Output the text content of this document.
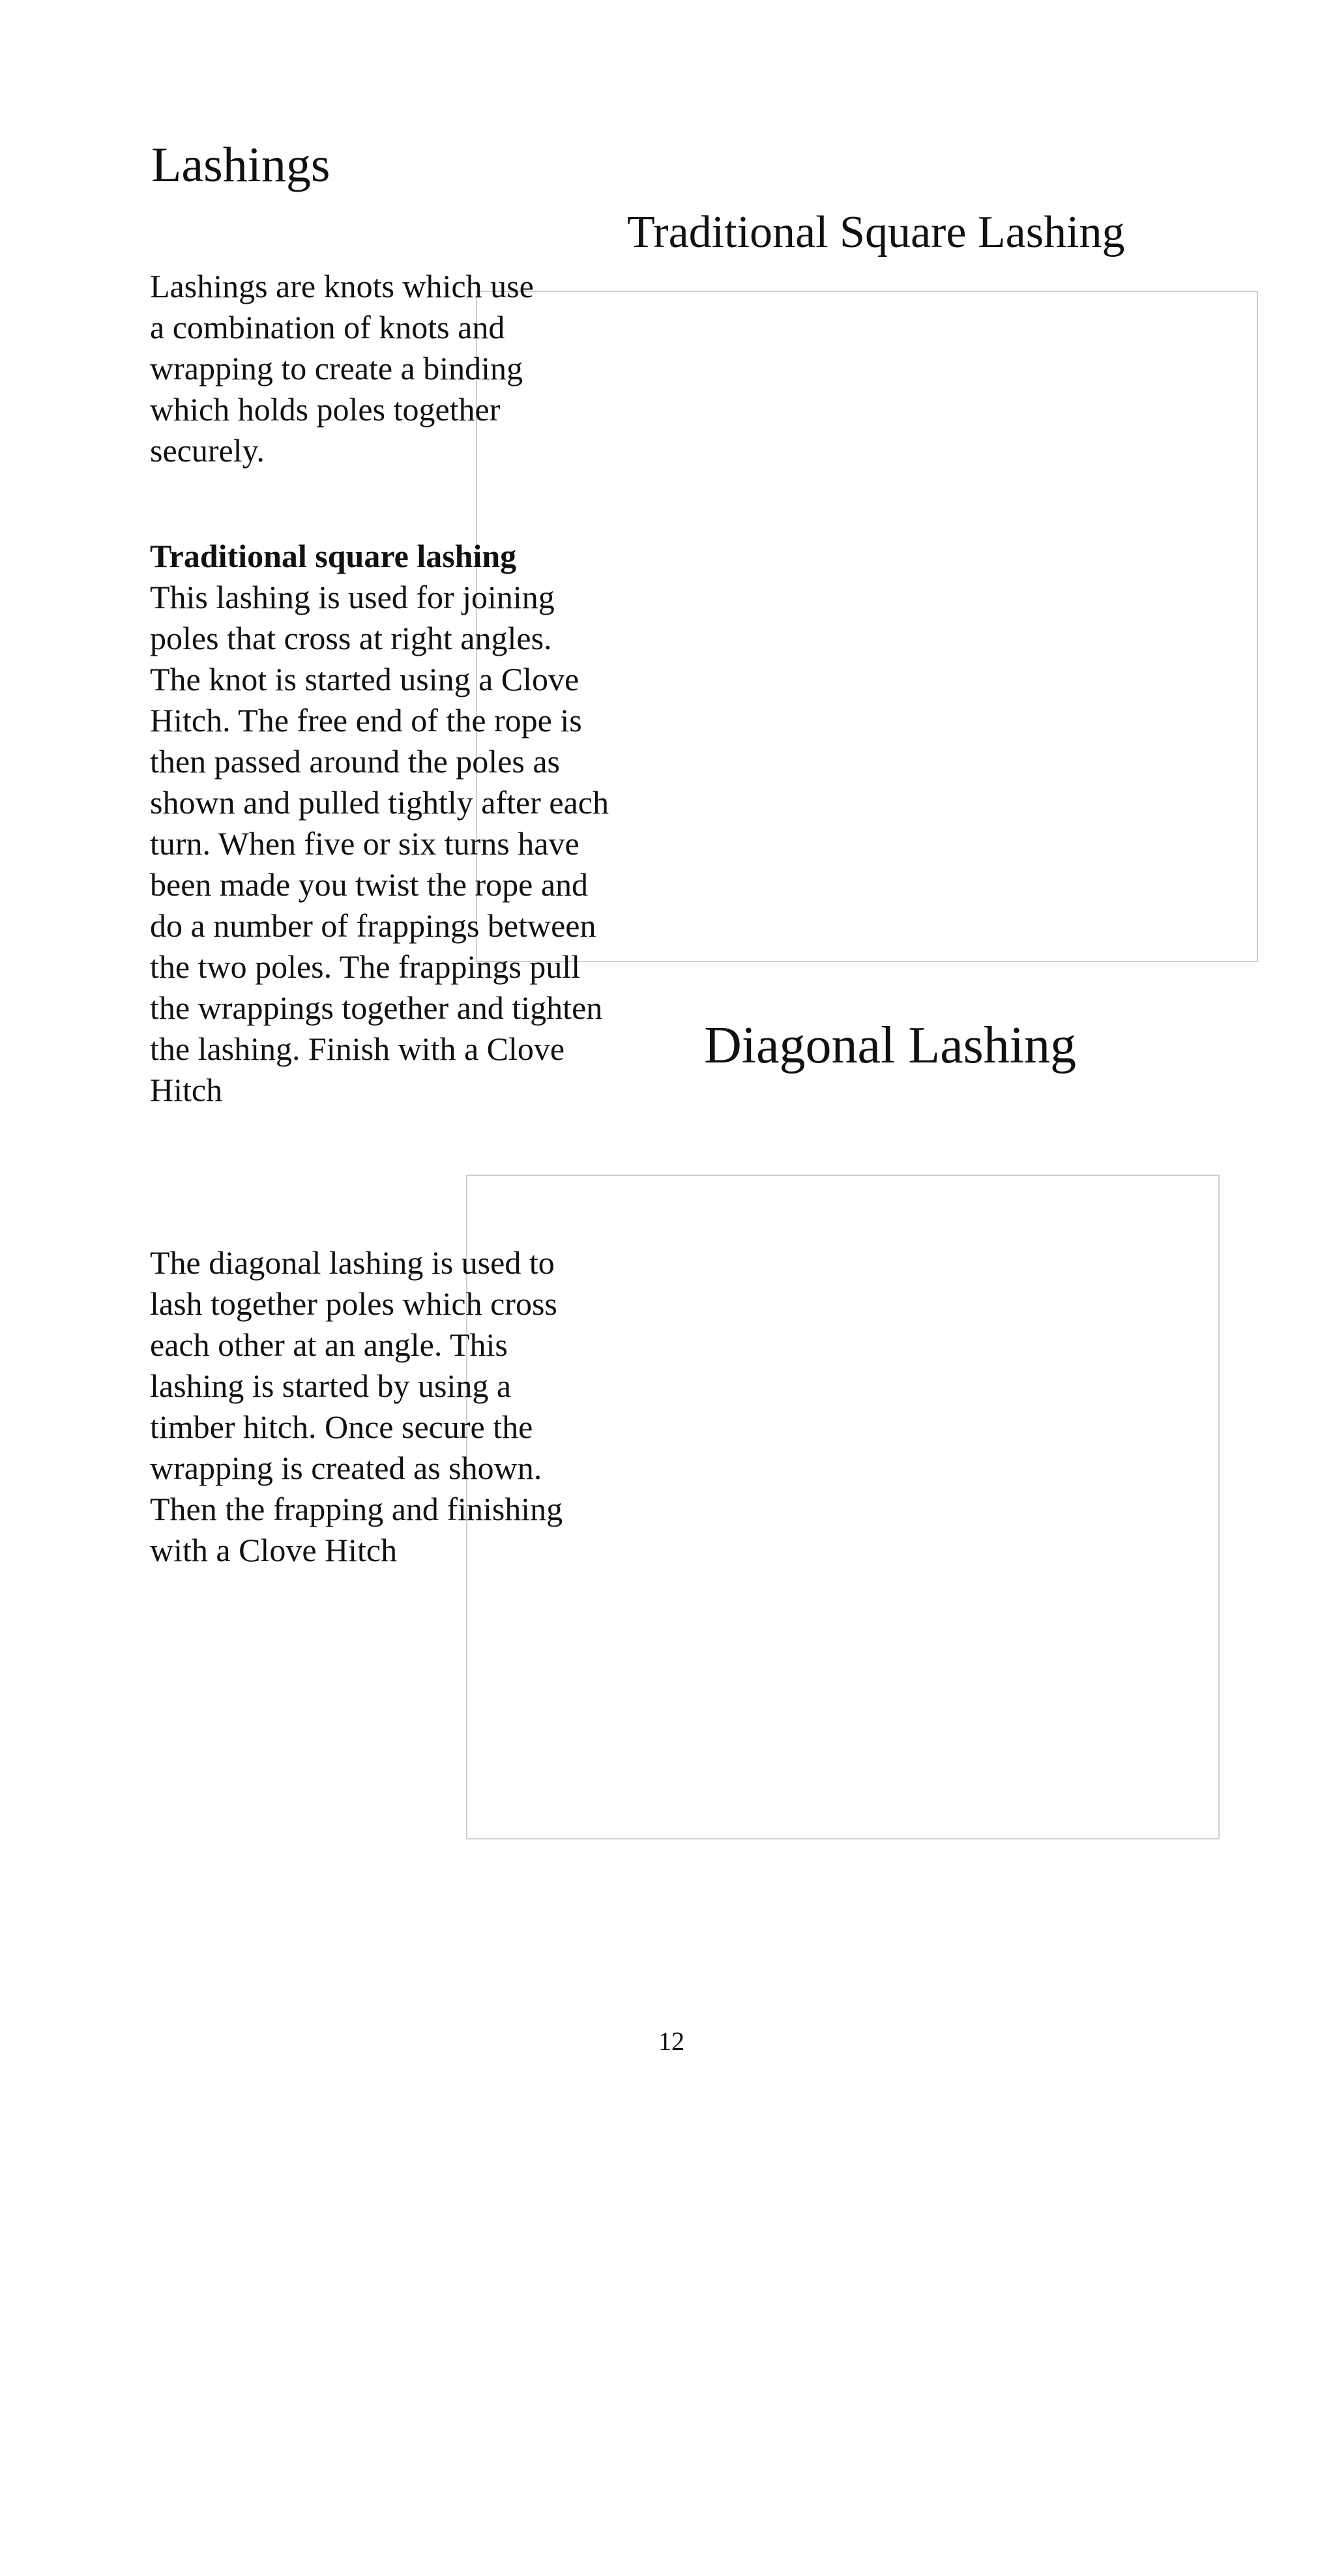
Lashings
Traditional Square Lashing

Lashings are knots which use a combination of knots and wrapping to create a binding which holds poles together securely.

Traditional square lashing
This lashing is used for joining poles that cross at right angles. The knot is started using a Clove Hitch. The free end of the rope is then passed around the poles as shown and pulled tightly after each turn. When five or six turns have been made you twist the rope and do a number of frappings between the two poles. The frappings pull the wrappings together and tighten the lashing. Finish with a Clove Hitch
Diagonal Lashing

The diagonal lashing is used to lash together poles which cross each other at an angle. This lashing is started by using a timber hitch. Once secure the wrapping is created as shown. Then the frapping and finishing with a Clove Hitch

12
